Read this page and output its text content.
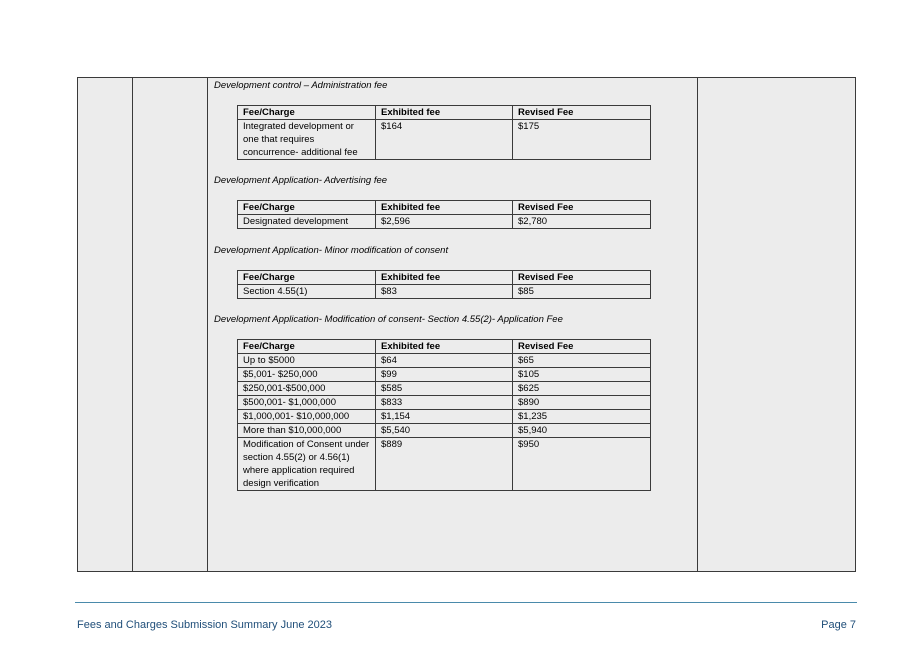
Development control – Administration fee
Fee/Charge	Exhibited fee	Revised Fee
Integrated development or one that requires concurrence- additional fee	$164	$175
Development Application- Advertising fee
Fee/Charge	Exhibited fee	Revised Fee
Designated development	$2,596	$2,780
Development Application- Minor modification of consent
Fee/Charge	Exhibited fee	Revised Fee
Section 4.55(1)	$83	$85
Development Application- Modification of consent- Section 4.55(2)- Application Fee
Fee/Charge	Exhibited fee	Revised Fee
Up to $5000	$64	$65
$5,001- $250,000	$99	$105
$250,001-$500,000	$585	$625
$500,001- $1,000,000	$833	$890
$1,000,001- $10,000,000	$1,154	$1,235
More than $10,000,000	$5,540	$5,940
Modification of Consent under section 4.55(2) or 4.56(1) where application required design verification	$889	$950
Fees and Charges Submission Summary June 2023	Page 7
